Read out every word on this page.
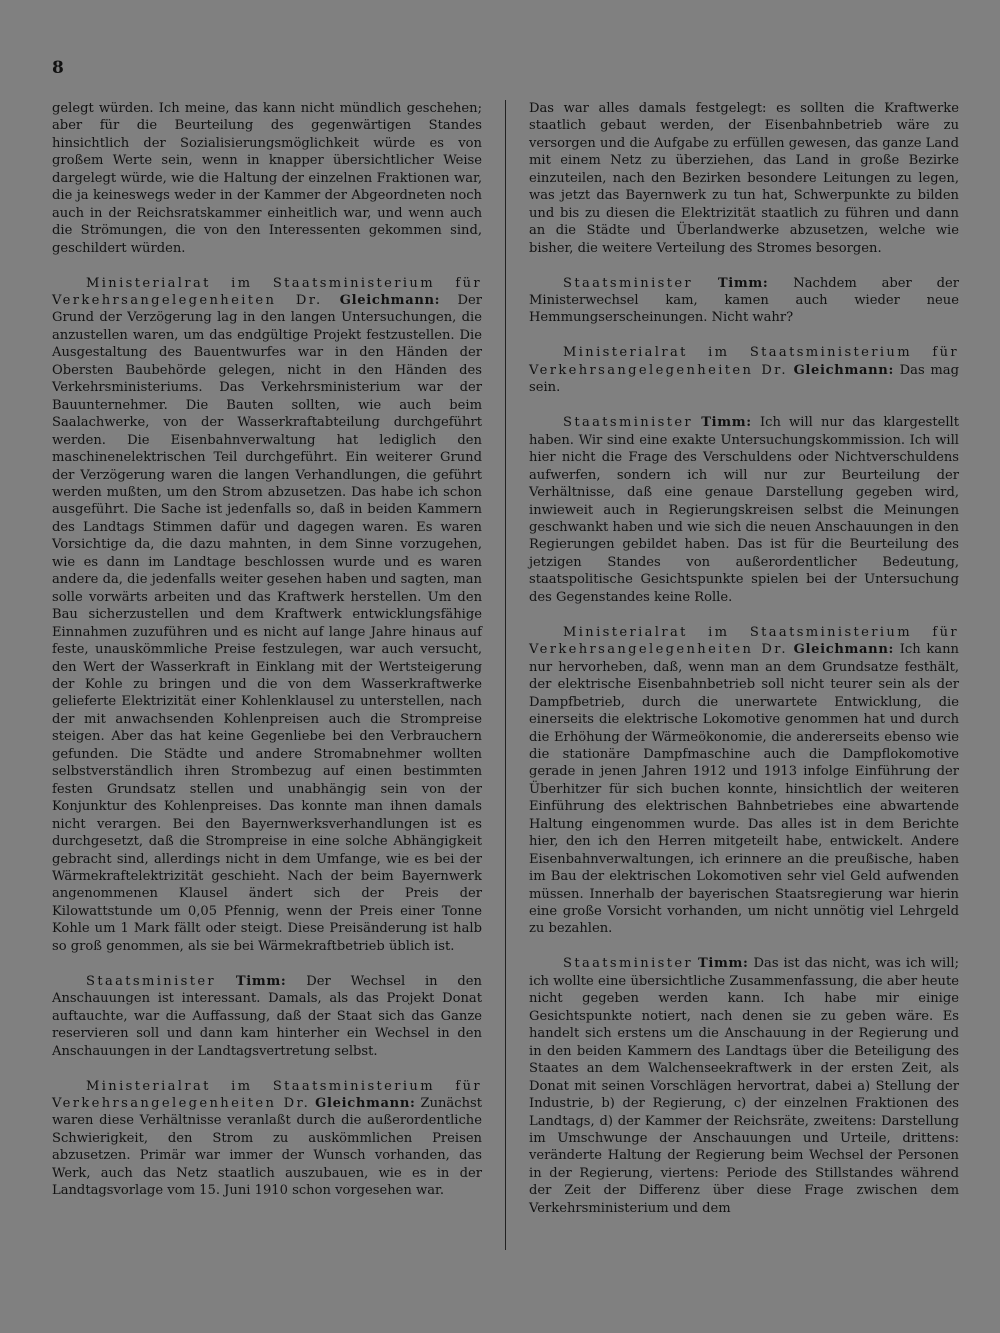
8

gelegt würden. Ich meine, das kann nicht mündlich geschehen; aber für die Beurteilung des gegenwärtigen Standes hinsichtlich der Sozialisierungsmöglichkeit würde es von großem Werte sein, wenn in knapper übersichtlicher Weise dargelegt würde, wie die Haltung der einzelnen Fraktionen war, die ja keineswegs weder in der Kammer der Abgeordneten noch auch in der Reichsratskammer einheitlich war, und wenn auch die Strömungen, die von den Interessenten gekommen sind, geschildert würden.

Ministerialrat im Staatsministerium für Verkehrsangelegenheiten Dr. Gleichmann: Der Grund der Verzögerung lag in den langen Untersuchungen, die anzustellen waren, um das endgültige Projekt festzustellen. Die Ausgestaltung des Bauentwurfes war in den Händen der Obersten Baubehörde gelegen, nicht in den Händen des Verkehrsministeriums. Das Verkehrsministerium war der Bauunternehmer. Die Bauten sollten, wie auch beim Saalachwerke, von der Wasserkraftabteilung durchgeführt werden. Die Eisenbahnverwaltung hat lediglich den maschinenelektrischen Teil durchgeführt. Ein weiterer Grund der Verzögerung waren die langen Verhandlungen, die geführt werden mußten, um den Strom abzusetzen. Das habe ich schon ausgeführt. Die Sache ist jedenfalls so, daß in beiden Kammern des Landtags Stimmen dafür und dagegen waren. Es waren Vorsichtige da, die dazu mahnten, in dem Sinne vorzugehen, wie es dann im Landtage beschlossen wurde und es waren andere da, die jedenfalls weiter gesehen haben und sagten, man solle vorwärts arbeiten und das Kraftwerk herstellen. Um den Bau sicherzustellen und dem Kraftwerk entwicklungsfähige Einnahmen zuzuführen und es nicht auf lange Jahre hinaus auf feste, unauskömmliche Preise festzulegen, war auch versucht, den Wert der Wasserkraft in Einklang mit der Wertsteigerung der Kohle zu bringen und die von dem Wasserkraftwerke gelieferte Elektrizität einer Kohlenklausel zu unterstellen, nach der mit anwachsenden Kohlenpreisen auch die Strompreise steigen. Aber das hat keine Gegenliebe bei den Verbrauchern gefunden. Die Städte und andere Stromabnehmer wollten selbstverständlich ihren Strombezug auf einen bestimmten festen Grundsatz stellen und unabhängig sein von der Konjunktur des Kohlenpreises. Das konnte man ihnen damals nicht verargen. Bei den Bayernwerksverhandlungen ist es durchgesetzt, daß die Strompreise in eine solche Abhängigkeit gebracht sind, allerdings nicht in dem Umfange, wie es bei der Wärmekraftelektrizität geschieht. Nach der beim Bayernwerk angenommenen Klausel ändert sich der Preis der Kilowattstunde um 0,05 Pfennig, wenn der Preis einer Tonne Kohle um 1 Mark fällt oder steigt. Diese Preisänderung ist halb so groß genommen, als sie bei Wärmekraftbetrieb üblich ist.

Staatsminister Timm: Der Wechsel in den Anschauungen ist interessant. Damals, als das Projekt Donat auftauchte, war die Auffassung, daß der Staat sich das Ganze reservieren soll und dann kam hinterher ein Wechsel in den Anschauungen in der Landtagsvertretung selbst.

Ministerialrat im Staatsministerium für Verkehrsangelegenheiten Dr. Gleichmann: Zunächst waren diese Verhältnisse veranlaßt durch die außerordentliche Schwierigkeit, den Strom zu auskömmlichen Preisen abzusetzen. Primär war immer der Wunsch vorhanden, das Werk, auch das Netz staatlich auszubauen, wie es in der Landtagsvorlage vom 15. Juni 1910 schon vorgesehen war.

Das war alles damals festgelegt: es sollten die Kraftwerke staatlich gebaut werden, der Eisenbahnbetrieb wäre zu versorgen und die Aufgabe zu erfüllen gewesen, das ganze Land mit einem Netz zu überziehen, das Land in große Bezirke einzuteilen, nach den Bezirken besondere Leitungen zu legen, was jetzt das Bayernwerk zu tun hat, Schwerpunkte zu bilden und bis zu diesen die Elektrizität staatlich zu führen und dann an die Städte und Überlandwerke abzusetzen, welche wie bisher, die weitere Verteilung des Stromes besorgen.

Staatsminister Timm: Nachdem aber der Ministerwechsel kam, kamen auch wieder neue Hemmungserscheinungen. Nicht wahr?

Ministerialrat im Staatsministerium für Verkehrsangelegenheiten Dr. Gleichmann: Das mag sein.

Staatsminister Timm: Ich will nur das klargestellt haben. Wir sind eine exakte Untersuchungskommission. Ich will hier nicht die Frage des Verschuldens oder Nichtverschuldens aufwerfen, sondern ich will nur zur Beurteilung der Verhältnisse, daß eine genaue Darstellung gegeben wird, inwieweit auch in Regierungskreisen selbst die Meinungen geschwankt haben und wie sich die neuen Anschauungen in den Regierungen gebildet haben. Das ist für die Beurteilung des jetzigen Standes von außerordentlicher Bedeutung, staatspolitische Gesichtspunkte spielen bei der Untersuchung des Gegenstandes keine Rolle.

Ministerialrat im Staatsministerium für Verkehrsangelegenheiten Dr. Gleichmann: Ich kann nur hervorheben, daß, wenn man an dem Grundsatze festhält, der elektrische Eisenbahnbetrieb soll nicht teurer sein als der Dampfbetrieb, durch die unerwartete Entwicklung, die einerseits die elektrische Lokomotive genommen hat und durch die Erhöhung der Wärmeökonomie, die andererseits ebenso wie die stationäre Dampfmaschine auch die Dampflokomotive gerade in jenen Jahren 1912 und 1913 infolge Einführung der Überhitzer für sich buchen konnte, hinsichtlich der weiteren Einführung des elektrischen Bahnbetriebes eine abwartende Haltung eingenommen wurde. Das alles ist in dem Berichte hier, den ich den Herren mitgeteilt habe, entwickelt. Andere Eisenbahnverwaltungen, ich erinnere an die preußische, haben im Bau der elektrischen Lokomotiven sehr viel Geld aufwenden müssen. Innerhalb der bayerischen Staatsregierung war hierin eine große Vorsicht vorhanden, um nicht unnötig viel Lehrgeld zu bezahlen.

Staatsminister Timm: Das ist das nicht, was ich will; ich wollte eine übersichtliche Zusammenfassung, die aber heute nicht gegeben werden kann. Ich habe mir einige Gesichtspunkte notiert, nach denen sie zu geben wäre. Es handelt sich erstens um die Anschauung in der Regierung und in den beiden Kammern des Landtags über die Beteiligung des Staates an dem Walchenseekraftwerk in der ersten Zeit, als Donat mit seinen Vorschlägen hervortrat, dabei a) Stellung der Industrie, b) der Regierung, c) der einzelnen Fraktionen des Landtags, d) der Kammer der Reichsräte, zweitens: Darstellung im Umschwunge der Anschauungen und Urteile, drittens: veränderte Haltung der Regierung beim Wechsel der Personen in der Regierung, viertens: Periode des Stillstandes während der Zeit der Differenz über diese Frage zwischen dem Verkehrsministerium und dem
